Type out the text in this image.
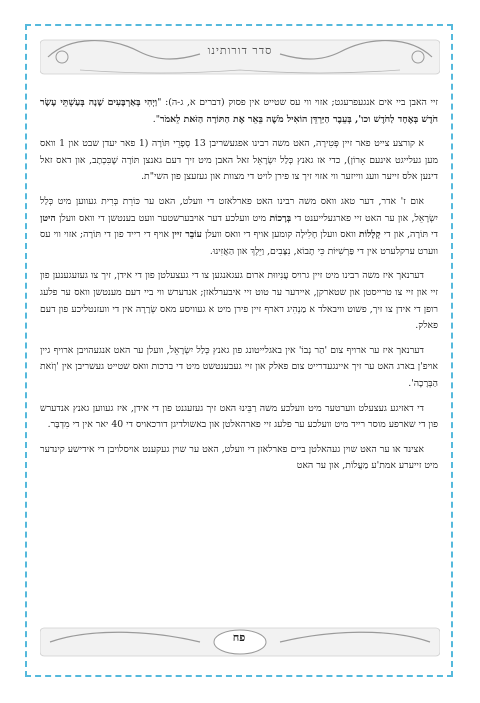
סדר דורותינו

זיי האבן ביי אים אנגעפרעגט; אזוי ווי עס שטייט אין פסוק (דברים א, ג-ה): "וַיְהִי בְּאַרְבָּעִים שָׁנָה בְּעַשְׁתֵּי עָשָׂר חֹדֶשׁ בְּאֶחָד לַחֹדֶשׁ וכו', בְּעֵבֶר הַיַּרְדֵּן הוֹאִיל מֹשֶׁה בֵּאֵר אֶת הַתּוֹרָה הַזֹּאת לֵאמֹר".

א קורצע צייט פאר זיין פְּטִירָה, האט משה רבינו אפגעשריבן 13 סְפָרֵי תּוֹרָה (1 פאר יעדן שבט און 1 וואס מען געלייגט אינעם אָרוֹן), כדי אז גאנץ כְּלַל יִשְׂרָאֵל זאל האבן מיט זיך דעם גאנצן תּוֹרָה שֶׁבִּכְתָב, און דאס זאל דינען אלס זייער וועג ווייזער ווי אזוי זיך צו פירן לויט די מצוות און געזעצן פון השי"ת.

אום ז' אדר, דער טאג וואס משה רבינו האט פארלאזט די וועלט, האט ער כּוֹרֵת בְּרִית געווען מיט כְּלַל יִשְׂרָאֵל, און ער האט זיי פארגעלייענט די בְּרָכוֹת מיט וועלכע דער אויבערשטער וועט בענטשן די וואס וועלן היטן די תּוֹרָה, און די קְלָלוֹת וואס וועלן חָלִילָה קומען אויף די וואס וועלן עוֹבֵר זיין אויף די רייד פון די תּוֹרָה; אזוי ווי עס ווערט ערקלערט אין די פַּרְשִׁיּוֹת כִּי תָבוֹא, נִצָּבִים, וַיֵּלֶךְ און הַאֲזִינוּ.

דערנאך איז משה רבינו מיט זיין גרויס עֲנִיווּת ארום געגאנגען צו די געצעלטן פון די אידן, זיך צו געזעגענען פון זיי און זיי צו טרייסטן און שטארקן, איידער ער טוט זיי איבערלאזן; אנדערש ווי ביי דעם מענטשן וואס ער פלעג רופן די אידן צו זיך, פשוט וויבאלד א מַנְהִיג דארף זיין פירן מיט א געוויסע מאס שְׂרָרָה אין די וועזנטליכע פון דעם פאלק.

דערנאך איז ער ארויף צום 'הַר נְבוֹ' אין באגלייטונג פון גאנץ כְּלַל יִשְׂרָאֵל, וועלן ער האט אנגעהויבן ארויף גיין אויפ'ן בארג האט ער זיך איינגעדרייט צום פאלק און זיי געבענטשט מיט די ברכות וואס שטייט געשריבן אין 'וְזֹאת הַבְּרָכָה'.

די דאזיגע געצעלט ווערטער מיט וועלכע משה רַבֵּינוּ האט זיך געזעגנט פון די אידן, איז געווען גאנץ אנדערש פון די שארפע מוסר רייד מיט וועלכע ער פלעג זיי פארהאלטן און באשולדיגן דורכאויס די 40 יאר אין די מִדְבָּר.

אצינד או ער האט שוין געהאלטן ביים פארלאזן די וועלט, האט ער שוין געקענט אויסלויבן די אידישע קינדער מיט זייערע אמת'ע מַעֲלוֹת, און ער האט

פח
